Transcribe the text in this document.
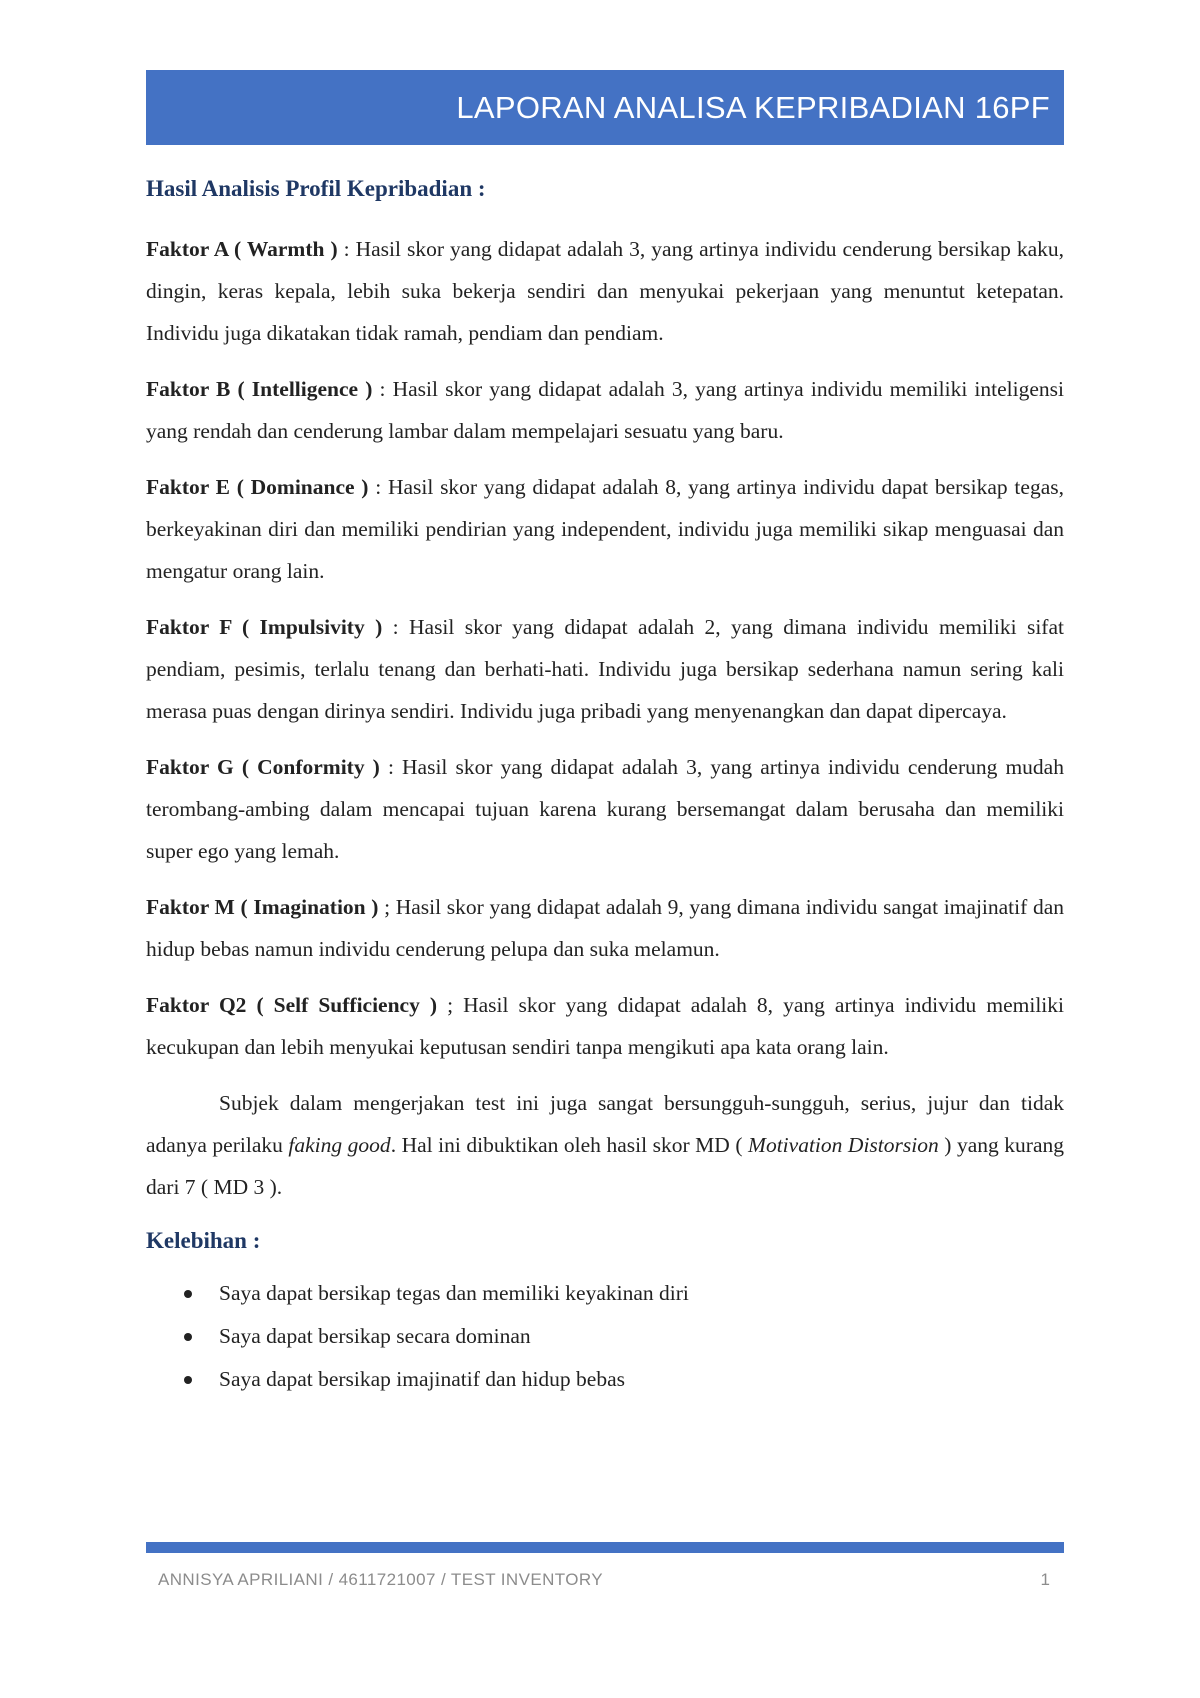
LAPORAN ANALISA KEPRIBADIAN 16PF

Hasil Analisis Profil Kepribadian :

Faktor A ( Warmth ) : Hasil skor yang didapat adalah 3, yang artinya individu cenderung bersikap kaku, dingin, keras kepala, lebih suka bekerja sendiri dan menyukai pekerjaan yang menuntut ketepatan. Individu juga dikatakan tidak ramah, pendiam dan pendiam.

Faktor B ( Intelligence ) : Hasil skor yang didapat adalah 3, yang artinya individu memiliki inteligensi yang rendah dan cenderung lambar dalam mempelajari sesuatu yang baru.

Faktor E ( Dominance ) : Hasil skor yang didapat adalah 8, yang artinya individu dapat bersikap tegas, berkeyakinan diri dan memiliki pendirian yang independent, individu juga memiliki sikap menguasai dan mengatur orang lain.

Faktor F ( Impulsivity ) : Hasil skor yang didapat adalah 2, yang dimana individu memiliki sifat pendiam, pesimis, terlalu tenang dan berhati-hati. Individu juga bersikap sederhana namun sering kali merasa puas dengan dirinya sendiri. Individu juga pribadi yang menyenangkan dan dapat dipercaya.

Faktor G ( Conformity ) : Hasil skor yang didapat adalah 3, yang artinya individu cenderung mudah terombang-ambing dalam mencapai tujuan karena kurang bersemangat dalam berusaha dan memiliki super ego yang lemah.

Faktor M ( Imagination ) ; Hasil skor yang didapat adalah 9, yang dimana individu sangat imajinatif dan hidup bebas namun individu cenderung pelupa dan suka melamun.

Faktor Q2 ( Self Sufficiency ) ; Hasil skor yang didapat adalah 8, yang artinya individu memiliki kecukupan dan lebih menyukai keputusan sendiri tanpa mengikuti apa kata orang lain.

Subjek dalam mengerjakan test ini juga sangat bersungguh-sungguh, serius, jujur dan tidak adanya perilaku faking good. Hal ini dibuktikan oleh hasil skor MD ( Motivation Distorsion ) yang kurang dari 7 ( MD 3 ).

Kelebihan :

Saya dapat bersikap tegas dan memiliki keyakinan diri
Saya dapat bersikap secara dominan
Saya dapat bersikap imajinatif dan hidup bebas
ANNISYA APRILIANI / 4611721007 / TEST INVENTORY	1
